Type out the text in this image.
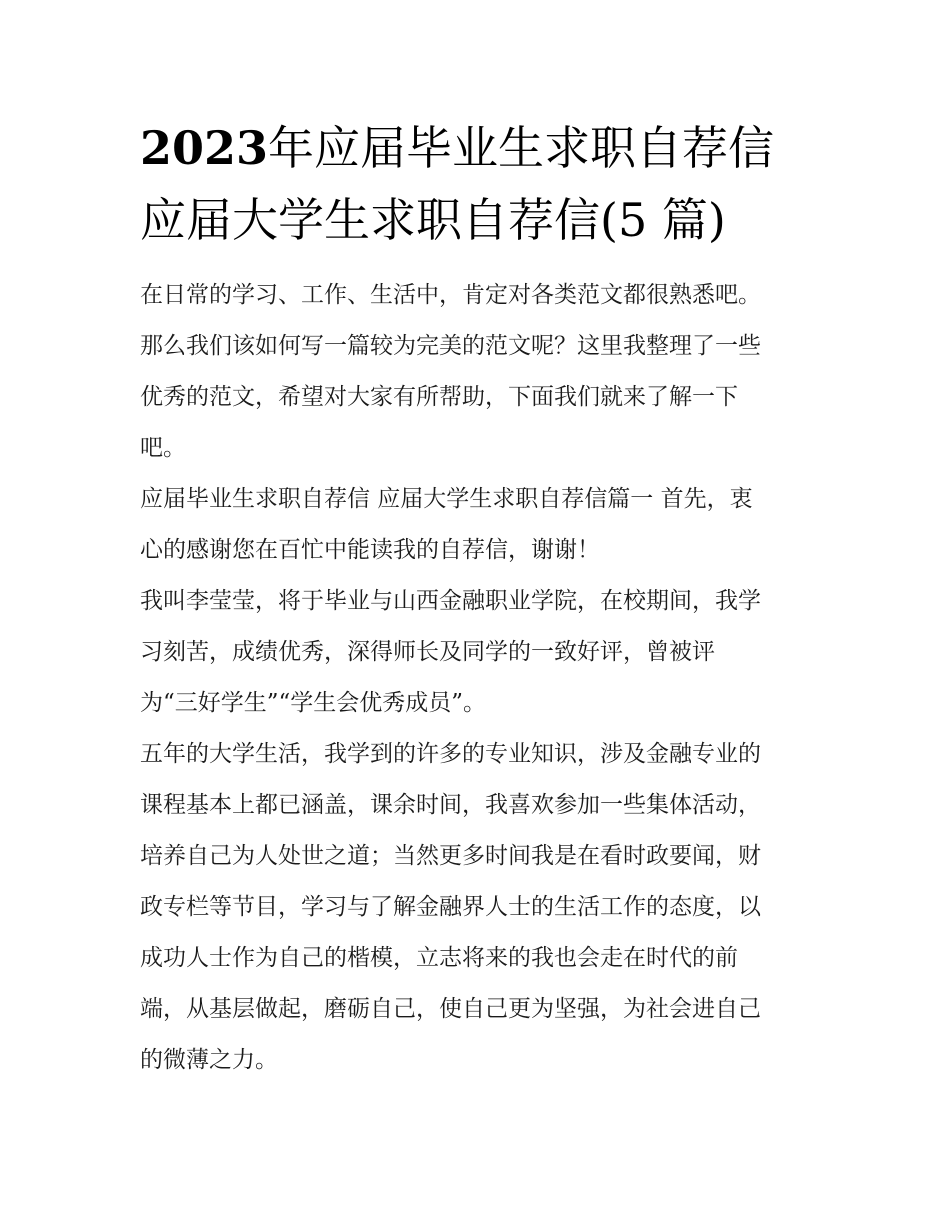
2023年应届毕业生求职自荐信
应届大学生求职自荐信(5 篇)

在日常的学习、工作、生活中，肯定对各类范文都很熟悉吧。
那么我们该如何写一篇较为完美的范文呢？这里我整理了一些
优秀的范文，希望对大家有所帮助，下面我们就来了解一下
吧。

应届毕业生求职自荐信 应届大学生求职自荐信篇一 首先，衷
心的感谢您在百忙中能读我的自荐信，谢谢！

我叫李莹莹，将于毕业与山西金融职业学院，在校期间，我学
习刻苦，成绩优秀，深得师长及同学的一致好评，曾被评
为“三好学生”“学生会优秀成员”。

五年的大学生活，我学到的许多的专业知识，涉及金融专业的
课程基本上都已涵盖，课余时间，我喜欢参加一些集体活动，
培养自己为人处世之道；当然更多时间我是在看时政要闻，财
政专栏等节目，学习与了解金融界人士的生活工作的态度，以
成功人士作为自己的楷模，立志将来的我也会走在时代的前
端，从基层做起，磨砺自己，使自己更为坚强，为社会进自己
的微薄之力。
